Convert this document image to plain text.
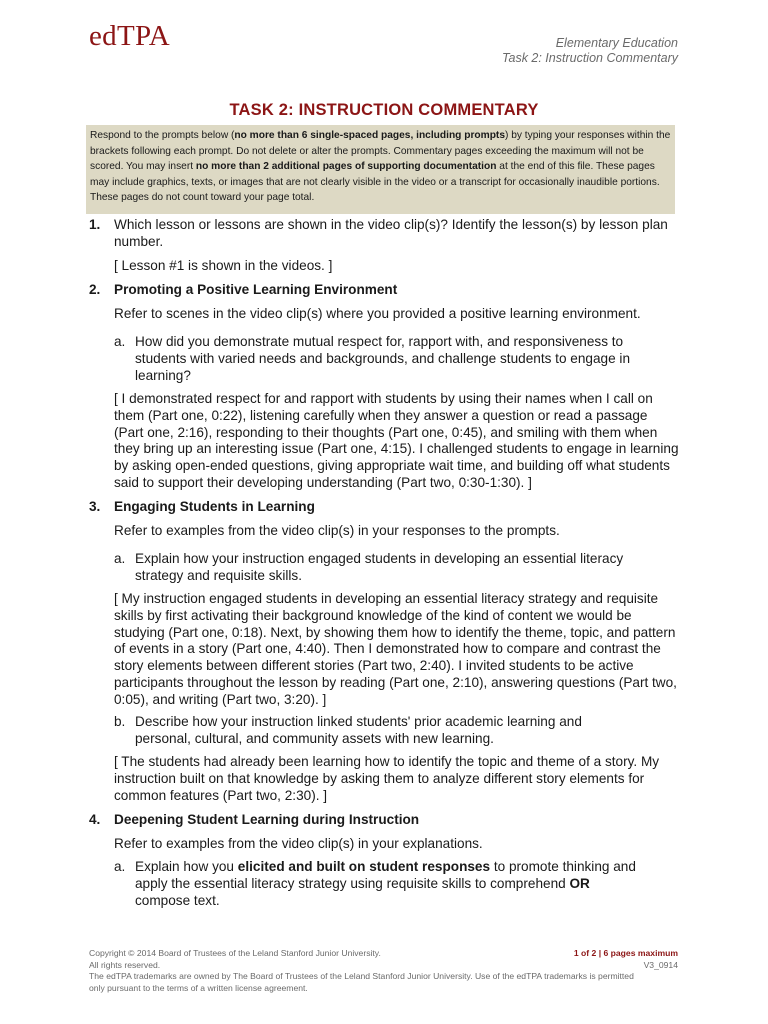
edTPA	Elementary Education
Task 2: Instruction Commentary
TASK 2: INSTRUCTION COMMENTARY
Respond to the prompts below (no more than 6 single-spaced pages, including prompts) by typing your responses within the brackets following each prompt. Do not delete or alter the prompts. Commentary pages exceeding the maximum will not be scored. You may insert no more than 2 additional pages of supporting documentation at the end of this file. These pages may include graphics, texts, or images that are not clearly visible in the video or a transcript for occasionally inaudible portions. These pages do not count toward your page total.
1. Which lesson or lessons are shown in the video clip(s)? Identify the lesson(s) by lesson plan number.
[ Lesson #1 is shown in the videos. ]
2. Promoting a Positive Learning Environment
Refer to scenes in the video clip(s) where you provided a positive learning environment.
a. How did you demonstrate mutual respect for, rapport with, and responsiveness to students with varied needs and backgrounds, and challenge students to engage in learning?
[ I demonstrated respect for and rapport with students by using their names when I call on them (Part one, 0:22), listening carefully when they answer a question or read a passage (Part one, 2:16), responding to their thoughts (Part one, 0:45), and smiling with them when they bring up an interesting issue (Part one, 4:15). I challenged students to engage in learning by asking open-ended questions, giving appropriate wait time, and building off what students said to support their developing understanding (Part two, 0:30-1:30). ]
3. Engaging Students in Learning
Refer to examples from the video clip(s) in your responses to the prompts.
a. Explain how your instruction engaged students in developing an essential literacy strategy and requisite skills.
[ My instruction engaged students in developing an essential literacy strategy and requisite skills by first activating their background knowledge of the kind of content we would be studying (Part one, 0:18). Next, by showing them how to identify the theme, topic, and pattern of events in a story (Part one, 4:40). Then I demonstrated how to compare and contrast the story elements between different stories (Part two, 2:40). I invited students to be active participants throughout the lesson by reading (Part one, 2:10), answering questions (Part two, 0:05), and writing (Part two, 3:20). ]
b. Describe how your instruction linked students' prior academic learning and personal, cultural, and community assets with new learning.
[ The students had already been learning how to identify the topic and theme of a story. My instruction built on that knowledge by asking them to analyze different story elements for common features (Part two, 2:30). ]
4. Deepening Student Learning during Instruction
Refer to examples from the video clip(s) in your explanations.
a. Explain how you elicited and built on student responses to promote thinking and apply the essential literacy strategy using requisite skills to comprehend OR compose text.
Copyright © 2014 Board of Trustees of the Leland Stanford Junior University.
All rights reserved.
The edTPA trademarks are owned by The Board of Trustees of the Leland Stanford Junior University. Use of the edTPA trademarks is permitted only pursuant to the terms of a written license agreement.
1 of 2 | 6 pages maximum
V3_0914
